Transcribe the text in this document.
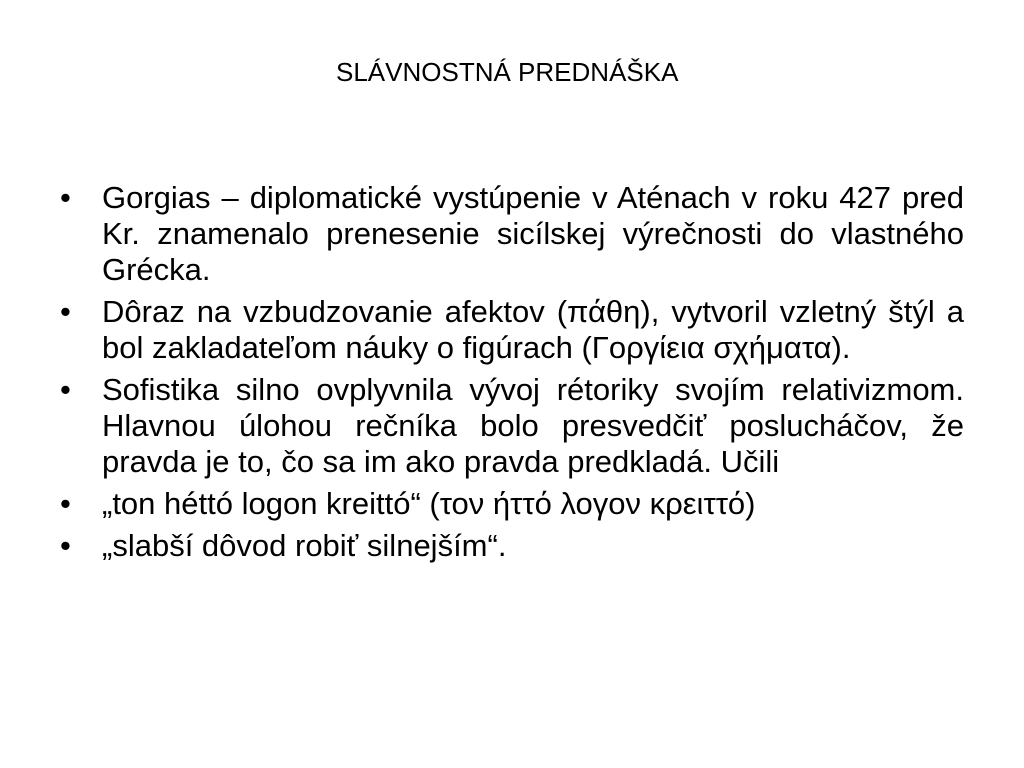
SLÁVNOSTNÁ PREDNÁŠKA
•	Gorgias – diplomatické vystúpenie v Aténach v roku 427 pred Kr. znamenalo prenesenie sicílskej výrečnosti do vlastného Grécka.
•	Dôraz na vzbudzovanie afektov (πάθη), vytvoril vzletný štýl a bol zakladateľom náuky o figúrach (Γοργίεια σχήματα).
•	Sofistika silno ovplyvnila vývoj rétoriky svojím relativizmom. Hlavnou úlohou rečníka bolo presvedčiť poslucháčov, že pravda je to, čo sa im ako pravda predkladá. Učili
•	„ton héttó logon kreittó“ (τον ήττό λογον κρειττό)
•	„slabší dôvod robiť silnejším“.
